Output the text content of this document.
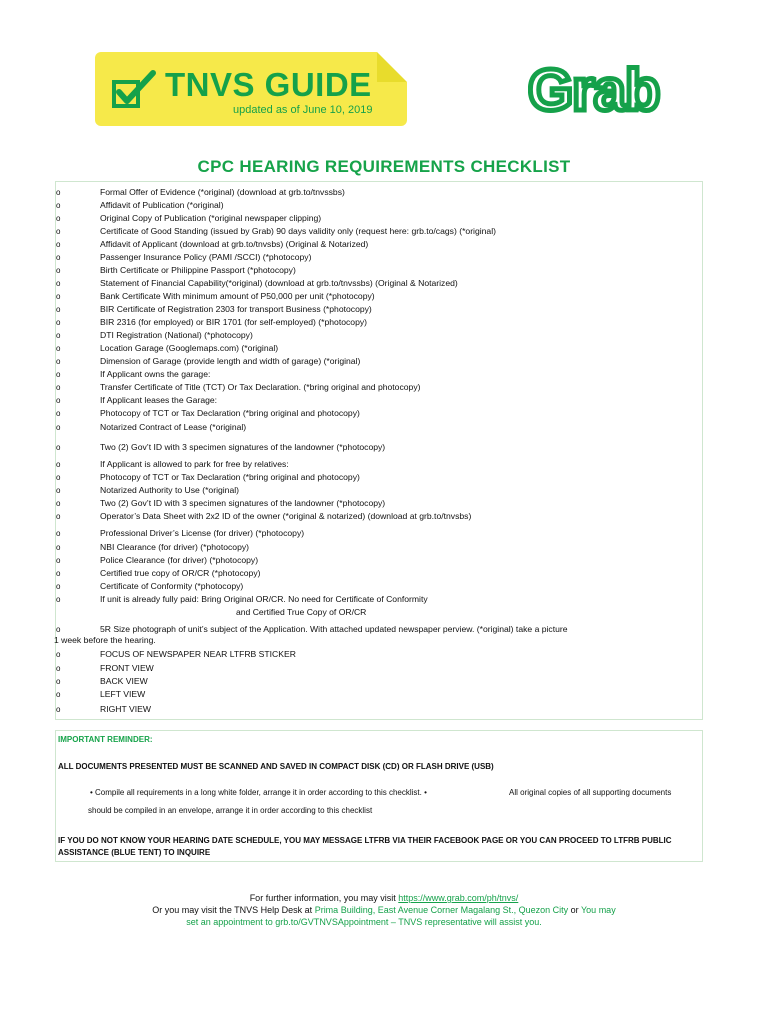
TNVS GUIDE
updated as of June 10, 2019	Grab
CPC HEARING REQUIREMENTS CHECKLIST
o	Formal Offer of Evidence (*original) (download at grb.to/tnvssbs)
o	Affidavit of Publication (*original)
o	Original Copy of Publication (*original newspaper clipping)
o	Certificate of Good Standing (issued by Grab) 90 days validity only (request here: grb.to/cags) (*original)
o	Affidavit of Applicant (download at grb.to/tnvsbs) (Original & Notarized)
o	Passenger Insurance Policy (PAMI /SCCI) (*photocopy)
o	Birth Certificate or Philippine Passport (*photocopy)
o	Statement of Financial Capability(*original) (download at grb.to/tnvssbs) (Original & Notarized)
o	Bank Certificate With minimum amount of P50,000 per unit (*photocopy)
o	BIR Certificate of Registration 2303 for transport Business (*photocopy)
o	BIR 2316 (for employed) or BIR 1701 (for self-employed) (*photocopy)
o	DTI Registration (National) (*photocopy)
o	Location Garage (Googlemaps.com) (*original)
o	Dimension of Garage (provide length and width of garage) (*original)
o	If Applicant owns the garage:
o	Transfer Certificate of Title (TCT) Or Tax Declaration. (*bring original and photocopy)
o	If Applicant leases the Garage:
o	Photocopy of TCT or Tax Declaration (*bring original and photocopy)
o	Notarized Contract of Lease (*original)
o	Two (2) Gov’t ID with 3 specimen signatures of the landowner (*photocopy)
o	If Applicant is allowed to park for free by relatives:
o	Photocopy of TCT or Tax Declaration (*bring original and photocopy)
o	Notarized Authority to Use (*original)
o	Two (2) Gov’t ID with 3 specimen signatures of the landowner (*photocopy)
o	Operator’s Data Sheet with 2x2 ID of the owner (*original & notarized) (download at grb.to/tnvsbs)
o	Professional Driver’s License (for driver) (*photocopy)
o	NBI Clearance (for driver) (*photocopy)
o	Police Clearance (for driver) (*photocopy)
o	Certified true copy of OR/CR (*photocopy)
o	Certificate of Conformity (*photocopy)
o	If unit is already fully paid: Bring Original OR/CR. No need for Certificate of Conformity
o	5R Size photograph of unit’s subject of the Application. With attached updated newspaper perview. (*original) take a picture
o	FOCUS OF NEWSPAPER NEAR LTFRB STICKER
o	FRONT VIEW
o	BACK VIEW
o	LEFT VIEW
o	RIGHT VIEW
and Certified True Copy of OR/CR
1 week before the hearing.
IMPORTANT REMINDER:
ALL DOCUMENTS PRESENTED MUST BE SCANNED AND SAVED IN COMPACT DISK (CD) OR FLASH DRIVE (USB)
• Compile all requirements in a long white folder, arrange it in order according to this checklist. •	All original copies of all supporting documents
should be compiled in an envelope, arrange it in order according to this checklist
IF YOU DO NOT KNOW YOUR HEARING DATE SCHEDULE, YOU MAY MESSAGE LTFRB VIA THEIR FACEBOOK PAGE OR YOU CAN PROCEED TO LTFRB PUBLIC
ASSISTANCE (BLUE TENT) TO INQUIRE
For further information, you may visit https://www.grab.com/ph/tnvs/
Or you may visit the TNVS Help Desk at Prima Building, East Avenue Corner Magalang St., Quezon City or You may
set an appointment to grb.to/GVTNVSAppointment – TNVS representative will assist you.
